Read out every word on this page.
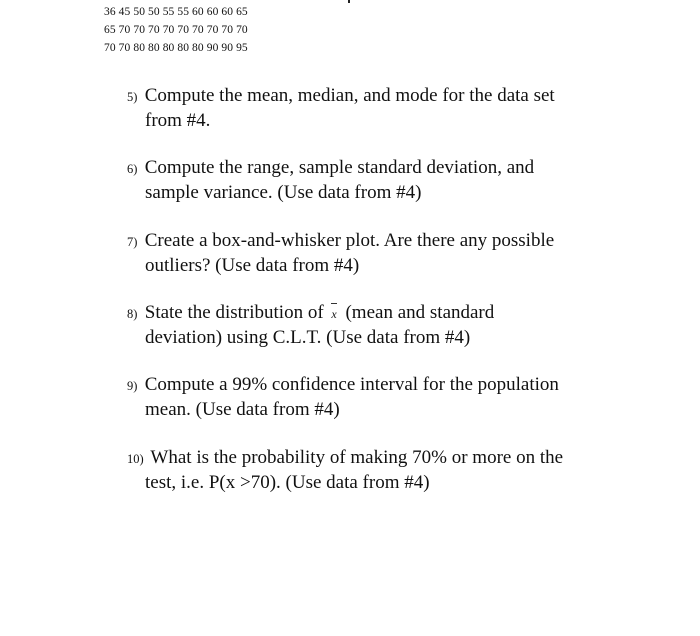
36 45 50 50 55 55 60 60 60 65
65 70 70 70 70 70 70 70 70 70
70 70 80 80 80 80 80 90 90 95
5) Compute the mean, median, and mode for the data set
from #4.
6) Compute the range, sample standard deviation, and
sample variance. (Use data from #4)
7) Create a box-and-whisker plot. Are there any possible
outliers? (Use data from #4)
8) State the distribution of x (mean and standard
deviation) using C.L.T. (Use data from #4)
9) Compute a 99% confidence interval for the population
mean. (Use data from #4)
10) What is the probability of making 70% or more on the
test, i.e. P(x >70). (Use data from #4)
